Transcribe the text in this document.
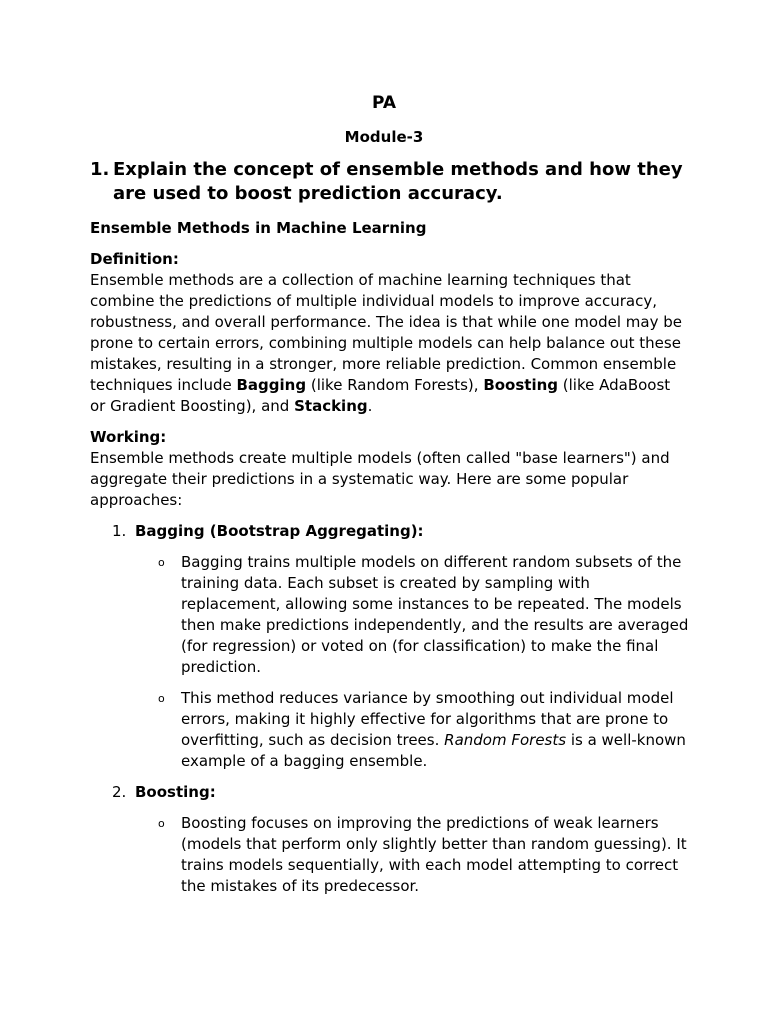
PA
Module-3
1. Explain the concept of ensemble methods and how they
are used to boost prediction accuracy.

Ensemble Methods in Machine Learning

Definition:

Ensemble methods are a collection of machine learning techniques that combine the predictions of multiple individual models to improve accuracy, robustness, and overall performance. The idea is that while one model may be prone to certain errors, combining multiple models can help balance out these mistakes, resulting in a stronger, more reliable prediction. Common ensemble techniques include Bagging (like Random Forests), Boosting (like AdaBoost or Gradient Boosting), and Stacking.

Working:

Ensemble methods create multiple models (often called "base learners") and aggregate their predictions in a systematic way. Here are some popular approaches:

1. Bagging (Bootstrap Aggregating):
o	Bagging trains multiple models on different random subsets of the training data. Each subset is created by sampling with replacement, allowing some instances to be repeated. The models then make predictions independently, and the results are averaged (for regression) or voted on (for classification) to make the final prediction.
o	This method reduces variance by smoothing out individual model errors, making it highly effective for algorithms that are prone to overfitting, such as decision trees. Random Forests is a well-known example of a bagging ensemble.
2. Boosting:
o	Boosting focuses on improving the predictions of weak learners (models that perform only slightly better than random guessing). It trains models sequentially, with each model attempting to correct the mistakes of its predecessor.
